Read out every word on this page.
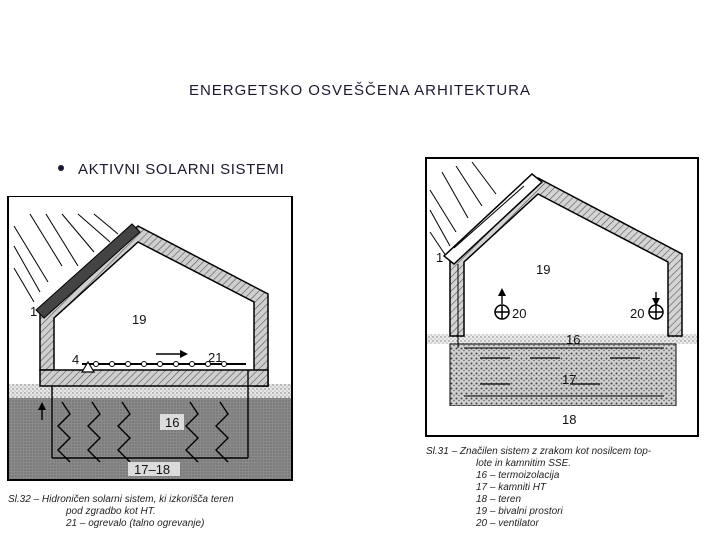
ENERGETSKO OSVEŠČENA ARHITEKTURA
AKTIVNI SOLARNI SISTEMI
1
4
19
21
16
17–18
Sl.32 – Hidroničen solarni sistem, ki izkorišča teren
pod zgradbo kot HT.
21 – ogrevalo (talno ogrevanje)
1
19
20	20
16
17
18
Sl.31 – Značilen sistem z zrakom kot nosilcem top-
lote in kamnitim SSE.
16 – termoizolacija
17 – kamniti HT
18 – teren
19 – bivalni prostori
20 – ventilator
